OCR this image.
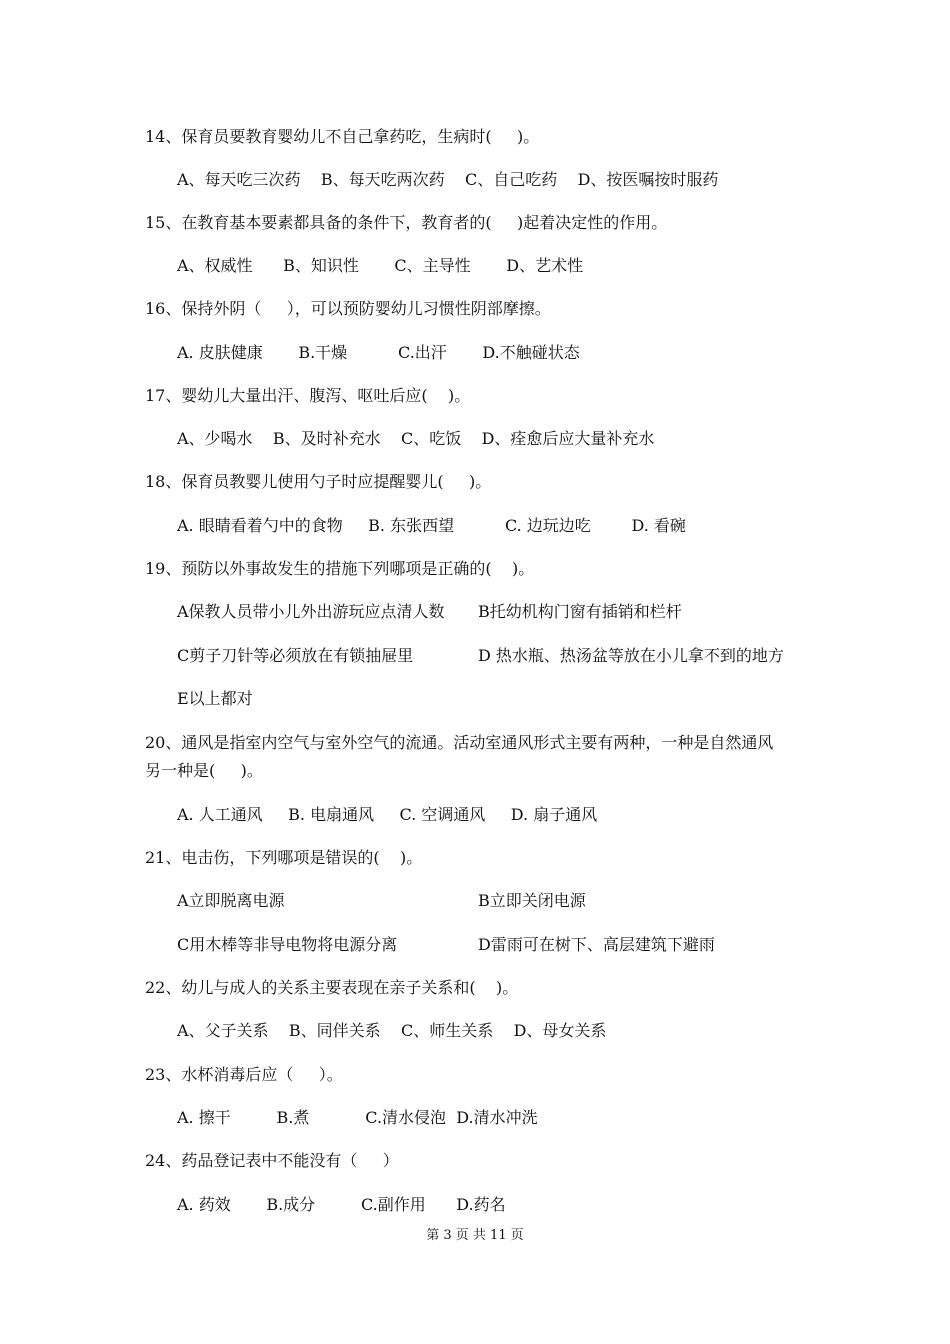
14、保育员要教育婴幼儿不自己拿药吃，生病时(     )。
A、每天吃三次药    B、每天吃两次药    C、自己吃药    D、按医嘱按时服药
15、在教育基本要素都具备的条件下，教育者的(     )起着决定性的作用。
A、权威性      B、知识性       C、主导性       D、艺术性
16、保持外阴（     ），可以预防婴幼儿习惯性阴部摩擦。
A. 皮肤健康       B.干燥          C.出汗       D.不触碰状态
17、婴幼儿大量出汗、腹泻、呕吐后应(    )。
A、少喝水    B、及时补充水    C、吃饭    D、痊愈后应大量补充水
18、保育员教婴儿使用勺子时应提醒婴儿(     )。
A. 眼睛看着勺中的食物     B. 东张西望          C. 边玩边吃        D. 看碗
19、预防以外事故发生的措施下列哪项是正确的(    )。
A保教人员带小儿外出游玩应点清人数 B托幼机构门窗有插销和栏杆
C剪子刀针等必须放在有锁抽屉里	D 热水瓶、热汤盆等放在小儿拿不到的地方
E以上都对
20、通风是指室内空气与室外空气的流通。活动室通风形式主要有两种，一种是自然通风
另一种是(     )。
A. 人工通风     B. 电扇通风     C. 空调通风     D. 扇子通风
21、电击伤，下列哪项是错误的(    )。
A立即脱离电源	B立即关闭电源
C用木棒等非导电物将电源分离	D雷雨可在树下、高层建筑下避雨
22、幼儿与成人的关系主要表现在亲子关系和(    )。
A、父子关系    B、同伴关系    C、师生关系    D、母女关系
23、水杯消毒后应（     ）。
A. 擦干         B.煮           C.清水侵泡  D.清水冲洗
24、药品登记表中不能没有（     ）
A. 药效       B.成分         C.副作用      D.药名
第 3 页 共 11 页
